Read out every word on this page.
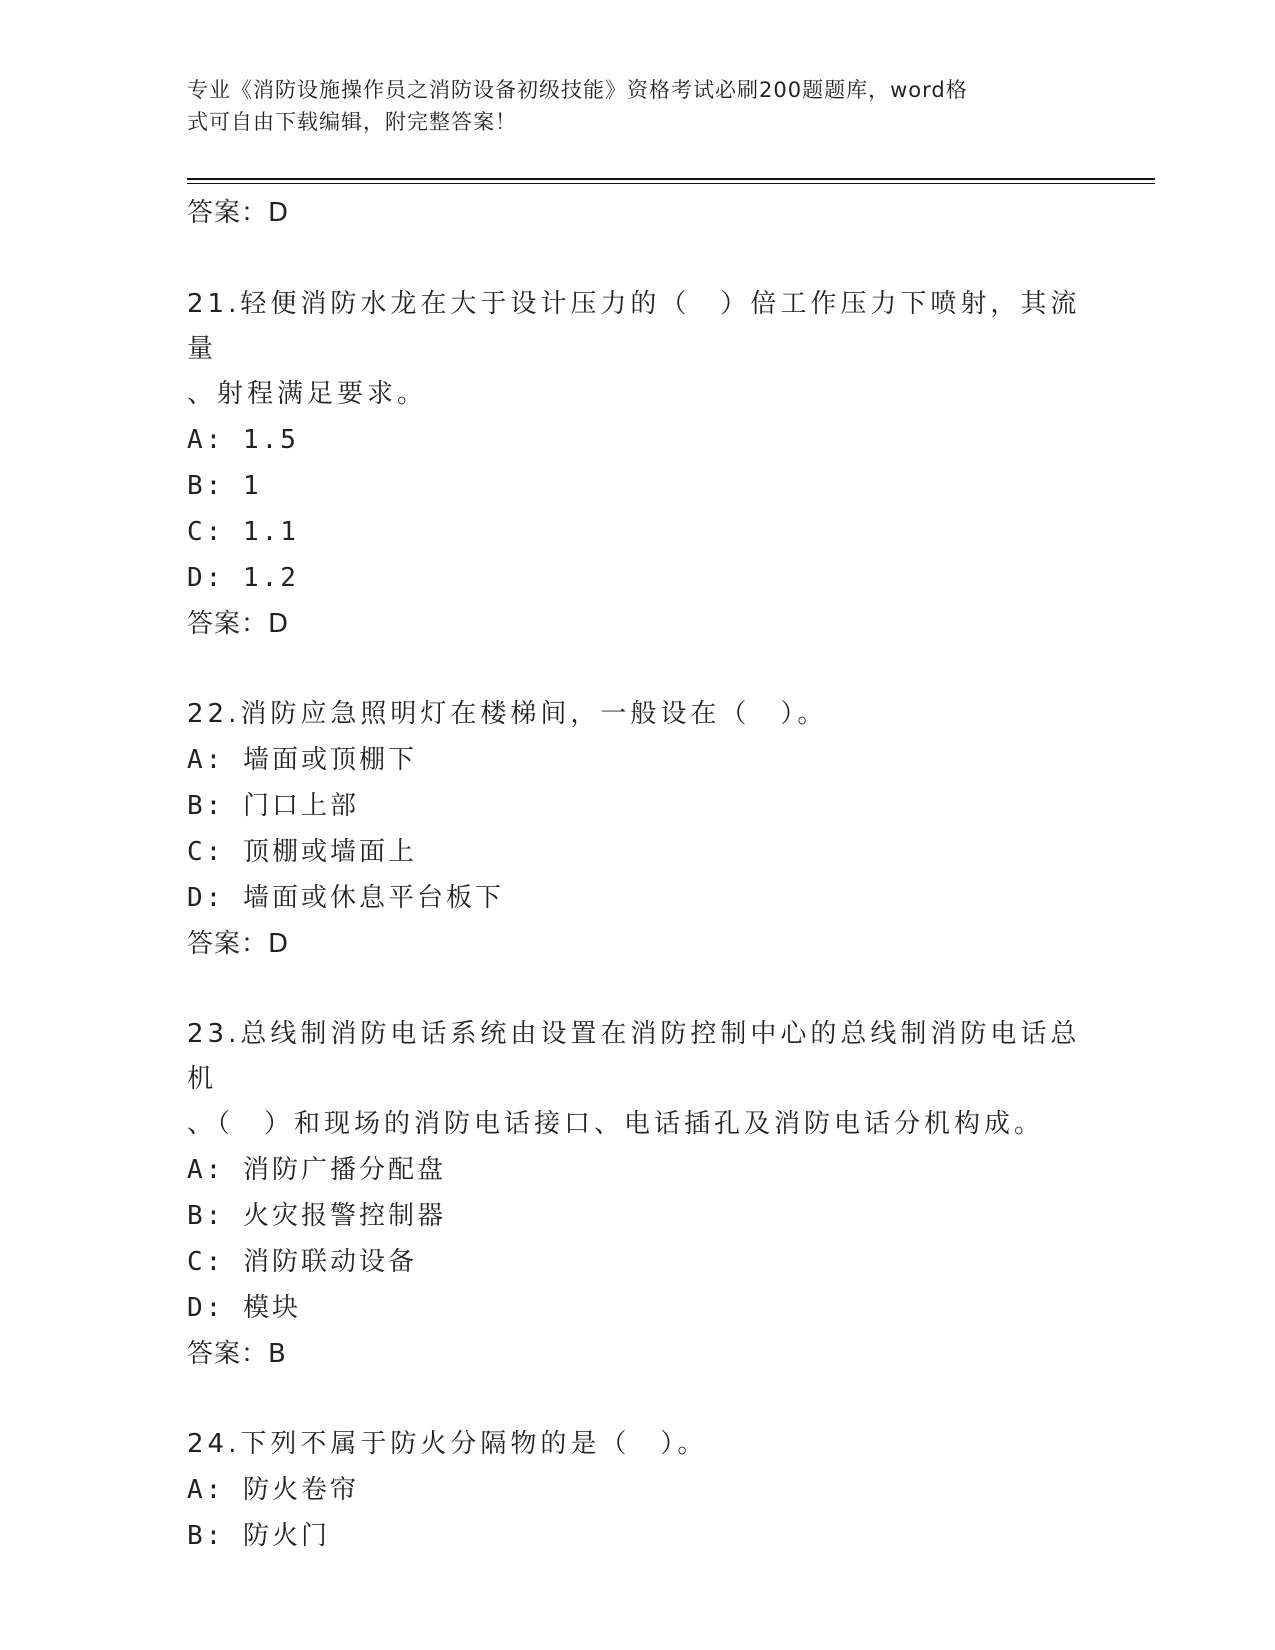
专业《消防设施操作员之消防设备初级技能》资格考试必刷200题题库，word格
式可自由下载编辑，附完整答案！
答案：D
21.轻便消防水龙在大于设计压力的（　）倍工作压力下喷射，其流量
、射程满足要求。
A: 1.5
B: 1
C: 1.1
D: 1.2
答案：D
22.消防应急照明灯在楼梯间，一般设在（　）。
A: 墙面或顶棚下
B: 门口上部
C: 顶棚或墙面上
D: 墙面或休息平台板下
答案：D
23.总线制消防电话系统由设置在消防控制中心的总线制消防电话总机
、（　）和现场的消防电话接口、电话插孔及消防电话分机构成。
A: 消防广播分配盘
B: 火灾报警控制器
C: 消防联动设备
D: 模块
答案：B
24.下列不属于防火分隔物的是（　）。
A: 防火卷帘
B: 防火门
